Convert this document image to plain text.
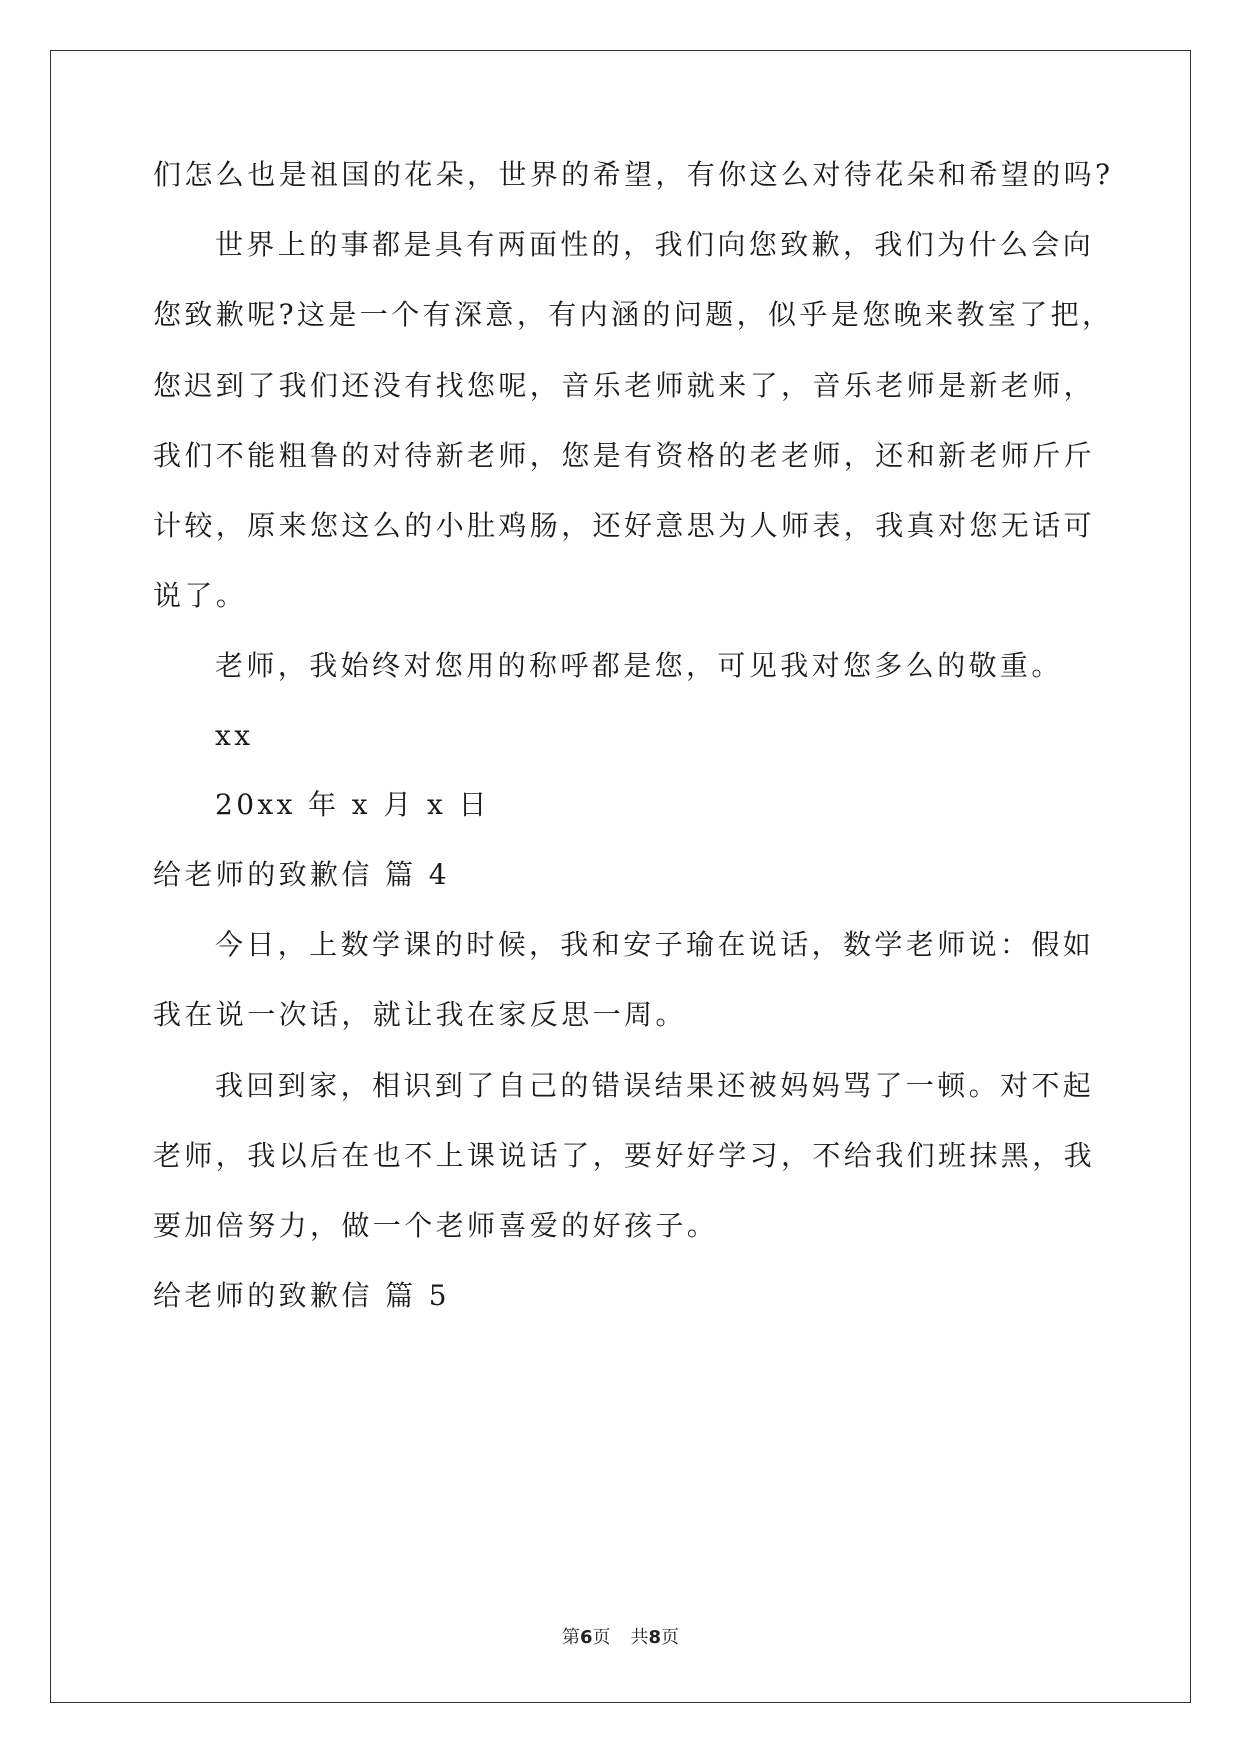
们怎么也是祖国的花朵，世界的希望，有你这么对待花朵和希望的吗?
世界上的事都是具有两面性的，我们向您致歉，我们为什么会向
您致歉呢?这是一个有深意，有内涵的问题，似乎是您晚来教室了把，
您迟到了我们还没有找您呢，音乐老师就来了，音乐老师是新老师，
我们不能粗鲁的对待新老师，您是有资格的老老师，还和新老师斤斤
计较，原来您这么的小肚鸡肠，还好意思为人师表，我真对您无话可
说了。
老师，我始终对您用的称呼都是您，可见我对您多么的敬重。
xx
20xx 年 x 月 x 日
给老师的致歉信 篇 4
今日，上数学课的时候，我和安子瑜在说话，数学老师说：假如
我在说一次话，就让我在家反思一周。
我回到家，相识到了自己的错误结果还被妈妈骂了一顿。对不起
老师，我以后在也不上课说话了，要好好学习，不给我们班抹黑，我
要加倍努力，做一个老师喜爱的好孩子。
给老师的致歉信 篇 5
第6页 共8页
